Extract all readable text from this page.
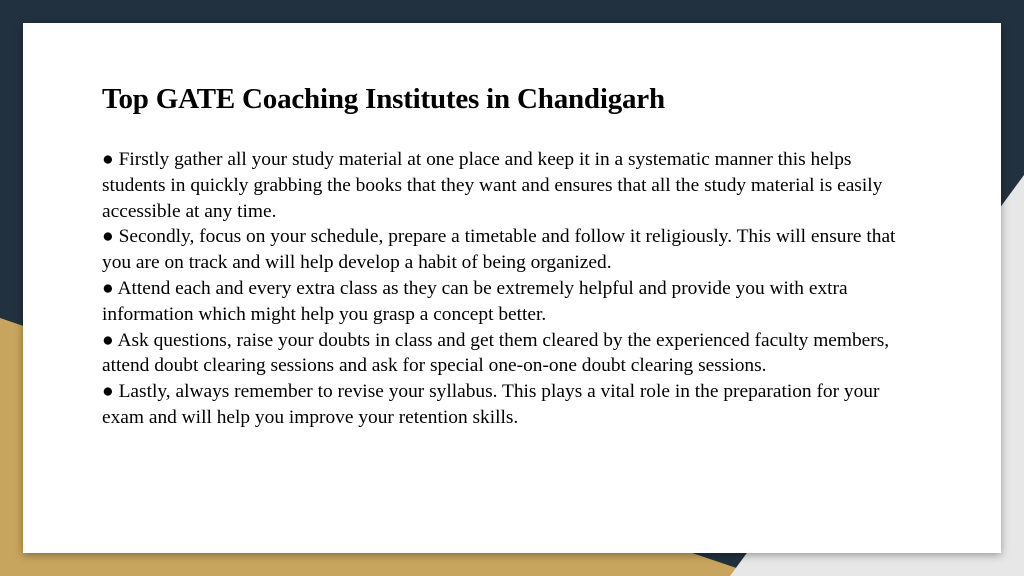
Top GATE Coaching Institutes in Chandigarh
● Firstly gather all your study material at one place and keep it in a systematic manner this helps students in quickly grabbing the books that they want and ensures that all the study material is easily accessible at any time.
● Secondly, focus on your schedule, prepare a timetable and follow it religiously. This will ensure that you are on track and will help develop a habit of being organized.
● Attend each and every extra class as they can be extremely helpful and provide you with extra information which might help you grasp a concept better.
● Ask questions, raise your doubts in class and get them cleared by the experienced faculty members, attend doubt clearing sessions and ask for special one-on-one doubt clearing sessions.
● Lastly, always remember to revise your syllabus. This plays a vital role in the preparation for your exam and will help you improve your retention skills.
